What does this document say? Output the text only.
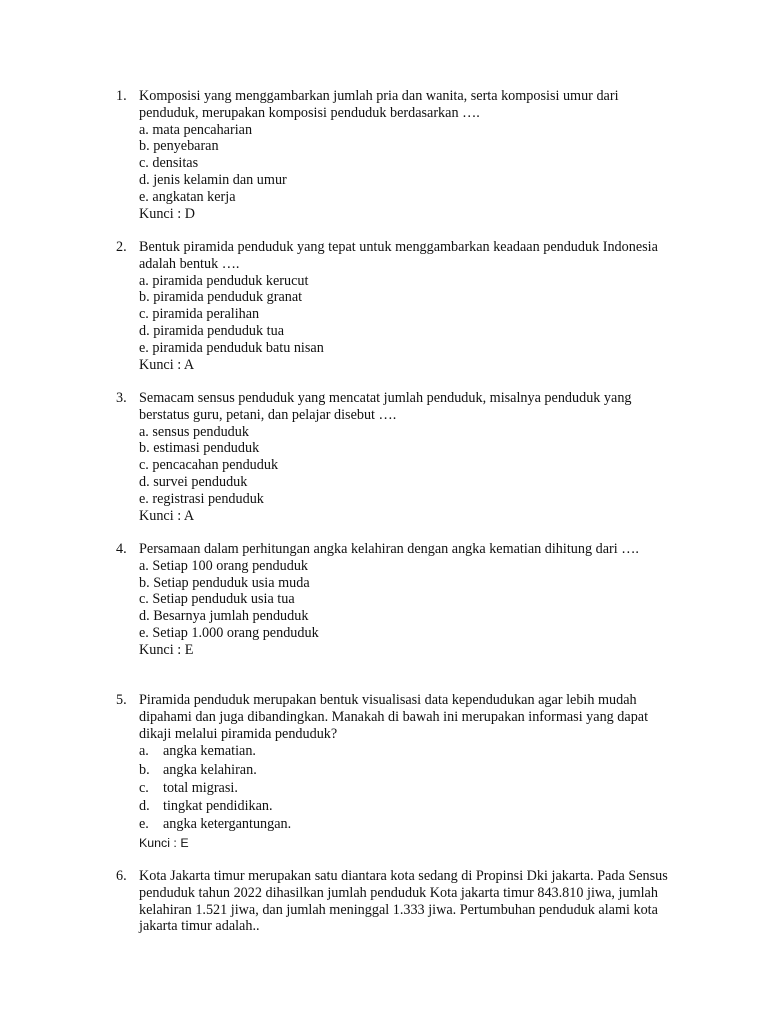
1. Komposisi yang menggambarkan jumlah pria dan wanita, serta komposisi umur dari penduduk, merupakan komposisi penduduk berdasarkan ….
a. mata pencaharian
b. penyebaran
c. densitas
d. jenis kelamin dan umur
e. angkatan kerja
Kunci : D
2. Bentuk piramida penduduk yang tepat untuk menggambarkan keadaan penduduk Indonesia adalah bentuk ….
a. piramida penduduk kerucut
b. piramida penduduk granat
c. piramida peralihan
d. piramida penduduk tua
e. piramida penduduk batu nisan
Kunci : A
3. Semacam sensus penduduk yang mencatat jumlah penduduk, misalnya penduduk yang berstatus guru, petani, dan pelajar disebut ….
a. sensus penduduk
b. estimasi penduduk
c. pencacahan penduduk
d. survei penduduk
e. registrasi penduduk
Kunci : A
4. Persamaan dalam perhitungan angka kelahiran dengan angka kematian dihitung dari ….
a. Setiap 100 orang penduduk
b. Setiap penduduk usia muda
c. Setiap penduduk usia tua
d. Besarnya jumlah penduduk
e. Setiap 1.000 orang penduduk
Kunci : E
5. Piramida penduduk merupakan bentuk visualisasi data kependudukan agar lebih mudah dipahami dan juga dibandingkan. Manakah di bawah ini merupakan informasi yang dapat dikaji melalui piramida penduduk?
a. angka kematian.
b. angka kelahiran.
c. total migrasi.
d. tingkat pendidikan.
e. angka ketergantungan.
Kunci : E
6. Kota Jakarta timur merupakan satu diantara kota sedang di Propinsi Dki jakarta. Pada Sensus penduduk tahun 2022 dihasilkan jumlah penduduk Kota jakarta timur 843.810 jiwa, jumlah kelahiran 1.521 jiwa, dan jumlah meninggal 1.333 jiwa. Pertumbuhan penduduk alami kota jakarta timur adalah..
